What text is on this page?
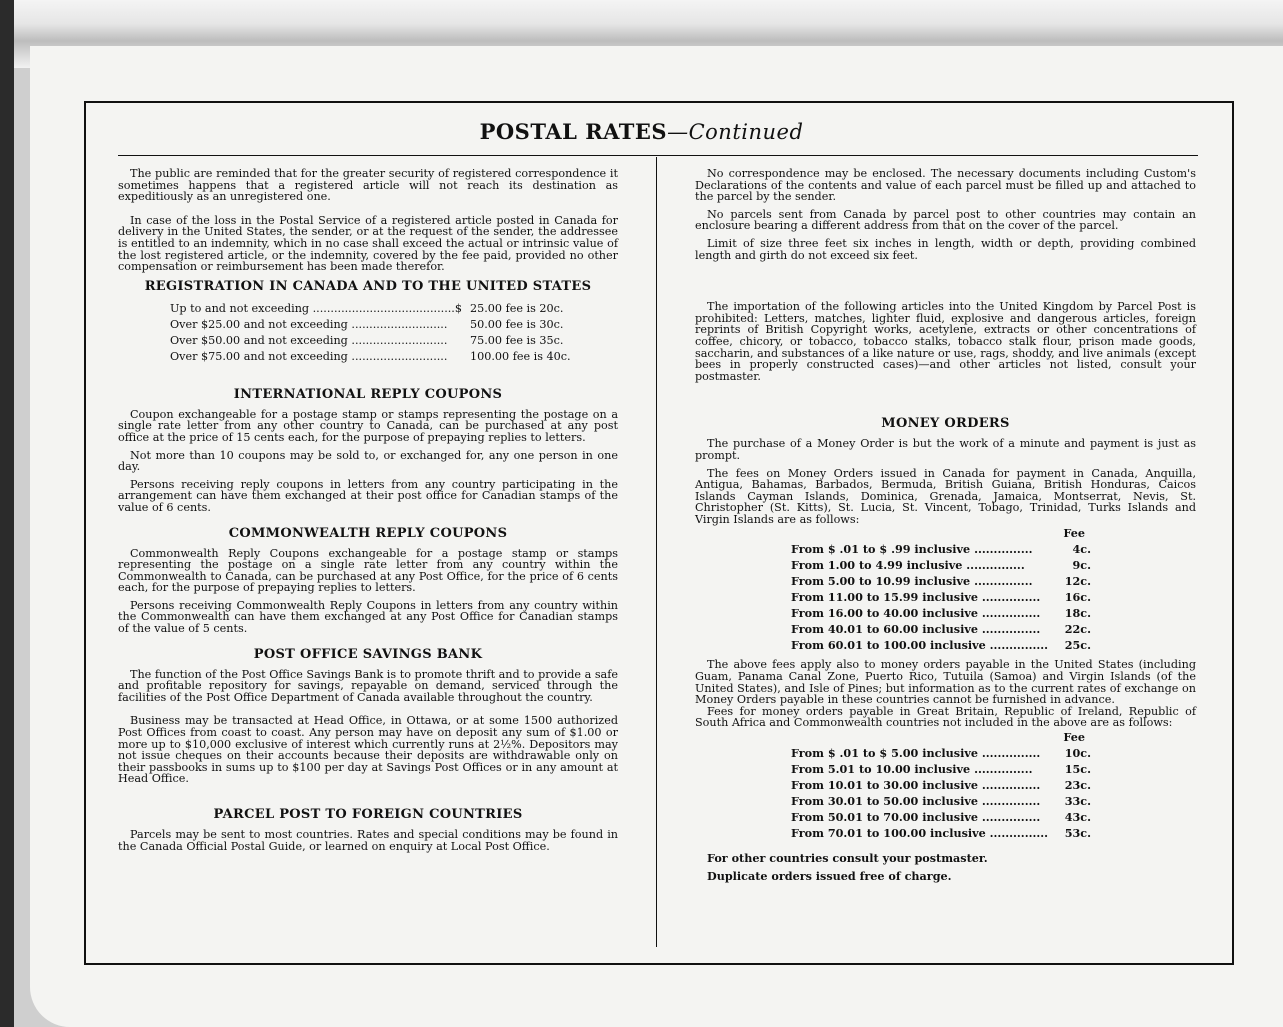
POSTAL RATES—Continued

The public are reminded that for the greater security of registered correspondence it sometimes happens that a registered article will not reach its destination as expeditiously as an unregistered one.

In case of the loss in the Postal Service of a registered article posted in Canada for delivery in the United States, the sender, or at the request of the sender, the addressee is entitled to an indemnity, which in no case shall exceed the actual or intrinsic value of the lost registered article, or the indemnity, covered by the fee paid, provided no other compensation or reimbursement has been made therefor.

REGISTRATION IN CANADA AND TO THE UNITED STATES
Up to and not exceeding ........................................$ 25.00 fee is 20c.
Over $25.00 and not exceeding ...........................	50.00 fee is 30c.
Over $50.00 and not exceeding ...........................	75.00 fee is 35c.
Over $75.00 and not exceeding ...........................	100.00 fee is 40c.
INTERNATIONAL REPLY COUPONS

Coupon exchangeable for a postage stamp or stamps representing the postage on a single rate letter from any other country to Canada, can be purchased at any post office at the price of 15 cents each, for the purpose of prepaying replies to letters.

Not more than 10 coupons may be sold to, or exchanged for, any one person in one day.

Persons receiving reply coupons in letters from any country participating in the arrangement can have them exchanged at their post office for Canadian stamps of the value of 6 cents.

COMMONWEALTH REPLY COUPONS

Commonwealth Reply Coupons exchangeable for a postage stamp or stamps representing the postage on a single rate letter from any country within the Commonwealth to Canada, can be purchased at any Post Office, for the price of 6 cents each, for the purpose of prepaying replies to letters.

Persons receiving Commonwealth Reply Coupons in letters from any country within the Commonwealth can have them exchanged at any Post Office for Canadian stamps of the value of 5 cents.

POST OFFICE SAVINGS BANK

The function of the Post Office Savings Bank is to promote thrift and to provide a safe and profitable repository for savings, repayable on demand, serviced through the facilities of the Post Office Department of Canada available throughout the country.

Business may be transacted at Head Office, in Ottawa, or at some 1500 authorized Post Offices from coast to coast. Any person may have on deposit any sum of $1.00 or more up to $10,000 exclusive of interest which currently runs at 2½%. Depositors may not issue cheques on their accounts because their deposits are withdrawable only on their passbooks in sums up to $100 per day at Savings Post Offices or in any amount at Head Office.

PARCEL POST TO FOREIGN COUNTRIES

Parcels may be sent to most countries. Rates and special conditions may be found in the Canada Official Postal Guide, or learned on enquiry at Local Post Office.

No correspondence may be enclosed. The necessary documents including Custom's Declarations of the contents and value of each parcel must be filled up and attached to the parcel by the sender.

No parcels sent from Canada by parcel post to other countries may contain an enclosure bearing a different address from that on the cover of the parcel.

Limit of size three feet six inches in length, width or depth, providing combined length and girth do not exceed six feet.

The importation of the following articles into the United Kingdom by Parcel Post is prohibited: Letters, matches, lighter fluid, explosive and dangerous articles, foreign reprints of British Copyright works, acetylene, extracts or other concentrations of coffee, chicory, or tobacco, tobacco stalks, tobacco stalk flour, prison made goods, saccharin, and substances of a like nature or use, rags, shoddy, and live animals (except bees in properly constructed cases)—and other articles not listed, consult your postmaster.

MONEY ORDERS

The purchase of a Money Order is but the work of a minute and payment is just as prompt.

The fees on Money Orders issued in Canada for payment in Canada, Anquilla, Antigua, Bahamas, Barbados, Bermuda, British Guiana, British Honduras, Caicos Islands Cayman Islands, Dominica, Grenada, Jamaica, Montserrat, Nevis, St. Christopher (St. Kitts), St. Lucia, St. Vincent, Tobago, Trinidad, Turks Islands and Virgin Islands are as follows:

Fee
From $ .01 to $ .99 inclusive ...............	4c.
From 1.00 to 4.99 inclusive ...............	9c.
From 5.00 to 10.99 inclusive ...............	12c.
From 11.00 to 15.99 inclusive ...............	16c.
From 16.00 to 40.00 inclusive ...............	18c.
From 40.01 to 60.00 inclusive ...............	22c.
From 60.01 to 100.00 inclusive ...............	25c.

The above fees apply also to money orders payable in the United States (including Guam, Panama Canal Zone, Puerto Rico, Tutuila (Samoa) and Virgin Islands (of the United States), and Isle of Pines; but information as to the current rates of exchange on Money Orders payable in these countries cannot be furnished in advance.

Fees for money orders payable in Great Britain, Republic of Ireland, Republic of South Africa and Commonwealth countries not included in the above are as follows:

Fee
From $ .01 to $ 5.00 inclusive ...............	10c.
From 5.01 to 10.00 inclusive ...............	15c.
From 10.01 to 30.00 inclusive ...............	23c.
From 30.01 to 50.00 inclusive ...............	33c.
From 50.01 to 70.00 inclusive ...............	43c.
From 70.01 to 100.00 inclusive ...............	53c.

For other countries consult your postmaster.

Duplicate orders issued free of charge.
